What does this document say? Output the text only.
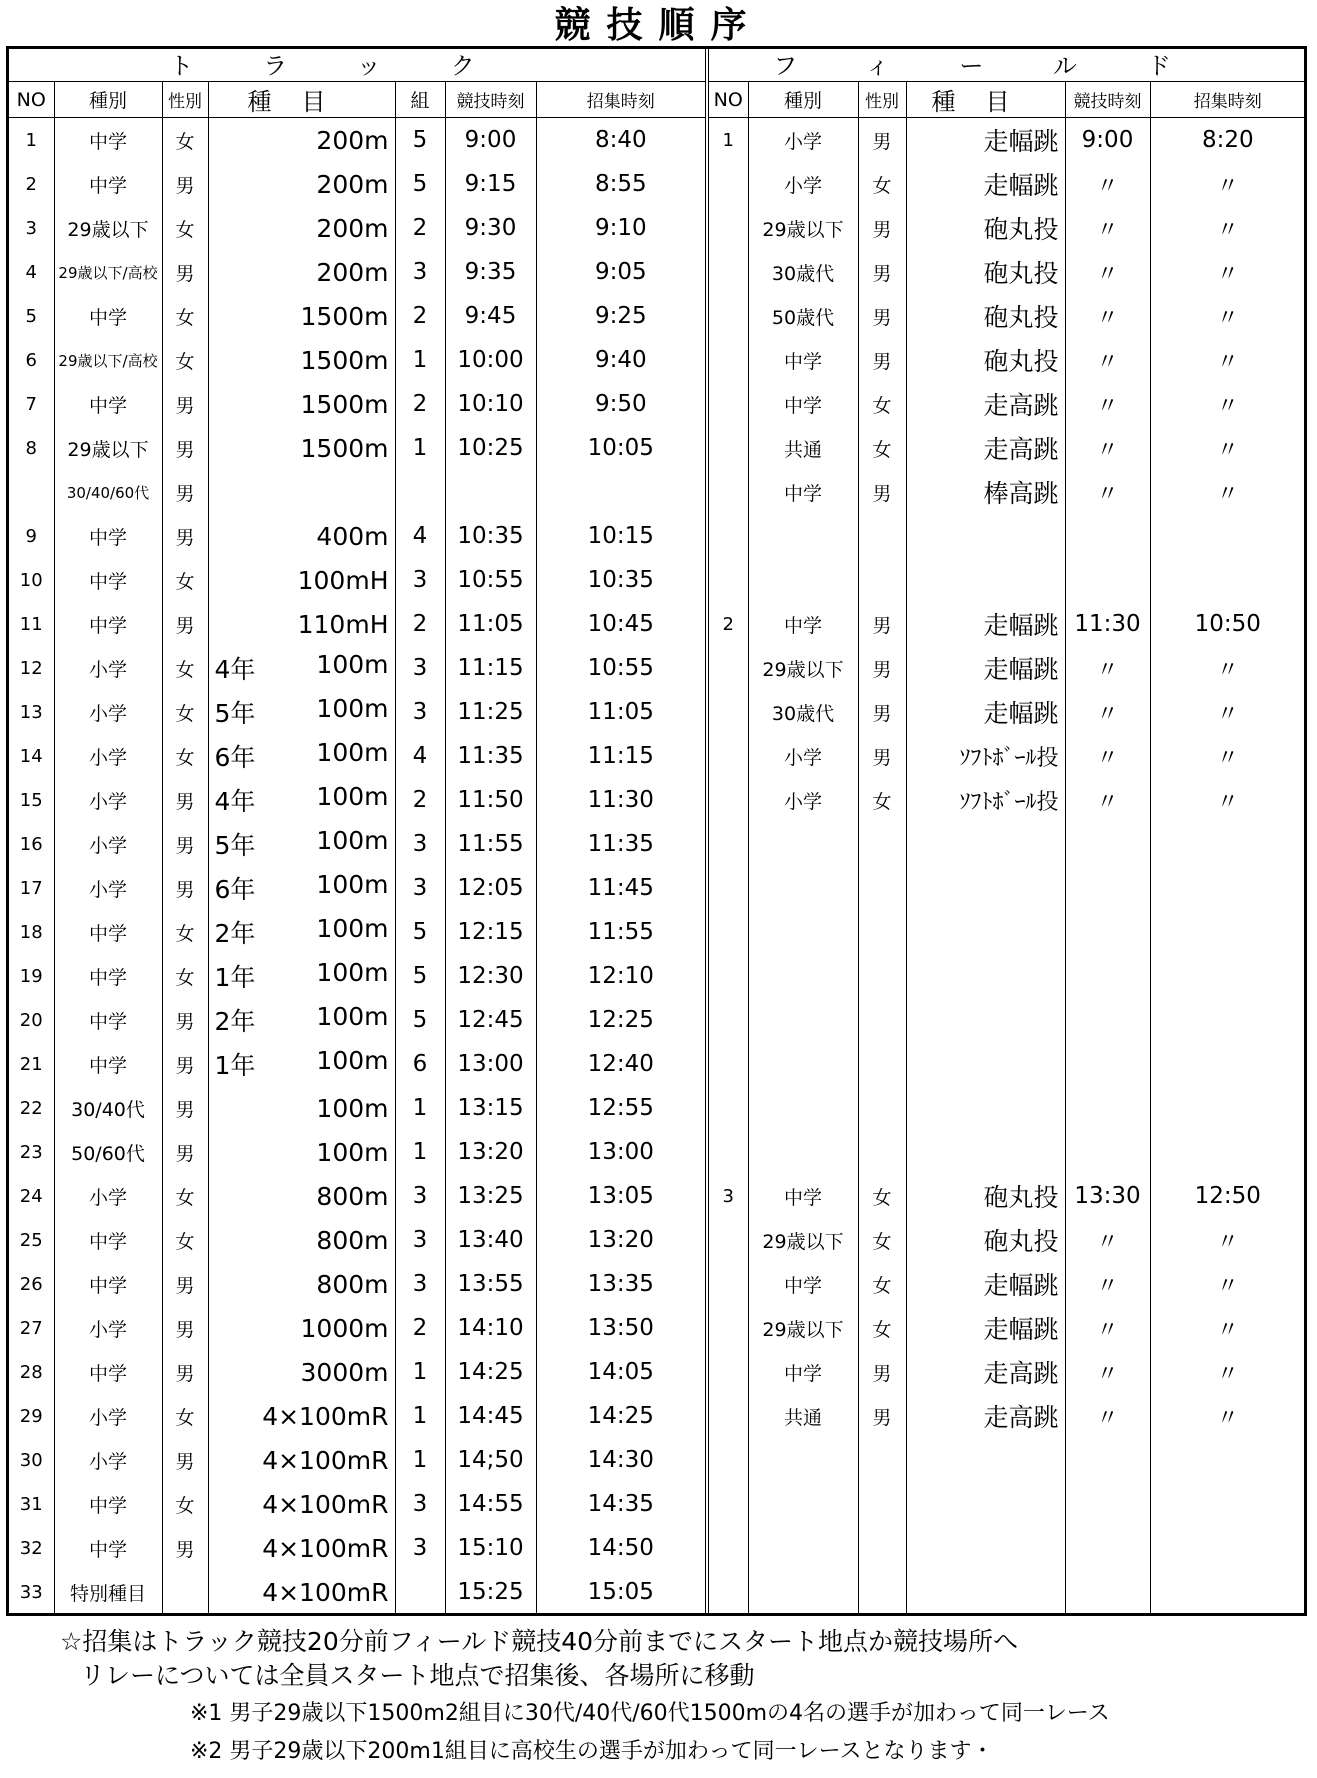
競技順序
トラック						
NO	種別	性別	種目	組	競技時刻	招集時刻
1	中学	女	200m	5	9:00	8:40
2	中学	男	200m	5	9:15	8:55
3	29歳以下	女	200m	2	9:30	9:10
4	29歳以下/高校	男	200m	3	9:35	9:05
5	中学	女	1500m	2	9:45	9:25
6	29歳以下/高校	女	1500m	1	10:00	9:40
7	中学	男	1500m	2	10:10	9:50
8	29歳以下	男	1500m	1	10:25	10:05
	30/40/60代	男	

9	中学	男	400m	4	10:35	10:15
10	中学	女	100mH	3	10:55	10:35
11	中学	男	110mH	2	11:05	10:45
12	小学	女	4年 100m	3	11:15	10:55
13	小学	女	5年 100m	3	11:25	11:05
14	小学	女	6年 100m	4	11:35	11:15
15	小学	男	4年 100m	2	11:50	11:30
16	小学	男	5年 100m	3	11:55	11:35
17	小学	男	6年 100m	3	12:05	11:45
18	中学	女	2年 100m	5	12:15	11:55
19	中学	女	1年 100m	5	12:30	12:10
20	中学	男	2年 100m	5	12:45	12:25
21	中学	男	1年 100m	6	13:00	12:40
22	30/40代	男	100m	1	13:15	12:55
23	50/60代	男	100m	1	13:20	13:00
24	小学	女	800m	3	13:25	13:05
25	中学	女	800m	3	13:40	13:20
26	中学	男	800m	3	13:55	13:35
27	小学	男	1000m	2	14:10	13:50
28	中学	男	3000m	1	14:25	14:05
29	小学	女	4×100mR	1	14:45	14:25
30	小学	男	4×100mR	1	14;50	14:30
31	中学	女	4×100mR	3	14:55	14:35
32	中学	男	4×100mR	3	15:10	14:50
33	特別種目		4×100mR		15:25	15:05
フィールド					
NO	種別	性別	種目	競技時刻	招集時刻
1	小学	男	走幅跳	9:00	8:20
	小学	女	走幅跳	〃	〃
	29歳以下	男	砲丸投	〃	〃
	30歳代	男	砲丸投	〃	〃
	50歳代	男	砲丸投	〃	〃
	中学	男	砲丸投	〃	〃
	中学	女	走高跳	〃	〃
	共通	女	走高跳	〃	〃
	中学	男	棒高跳	〃	〃

2	中学	男	走幅跳	11:30	10:50
	29歳以下	男	走幅跳	〃	〃
	30歳代	男	走幅跳	〃	〃
	小学	男	ｿﾌﾄﾎﾞｰﾙ投	〃	〃
	小学	女	ｿﾌﾄﾎﾞｰﾙ投	〃	〃

3	中学	女	砲丸投	13:30	12:50
	29歳以下	女	砲丸投	〃	〃
	中学	女	走幅跳	〃	〃
	29歳以下	女	走幅跳	〃	〃
	中学	男	走高跳	〃	〃
	共通	男	走高跳	〃	〃

☆招集はトラック競技20分前フィールド競技40分前までにスタート地点か競技場所へ
リレーについては全員スタート地点で招集後、各場所に移動
※1 男子29歳以下1500m2組目に30代/40代/60代1500mの4名の選手が加わって同一レース
※2 男子29歳以下200m1組目に高校生の選手が加わって同一レースとなります・
